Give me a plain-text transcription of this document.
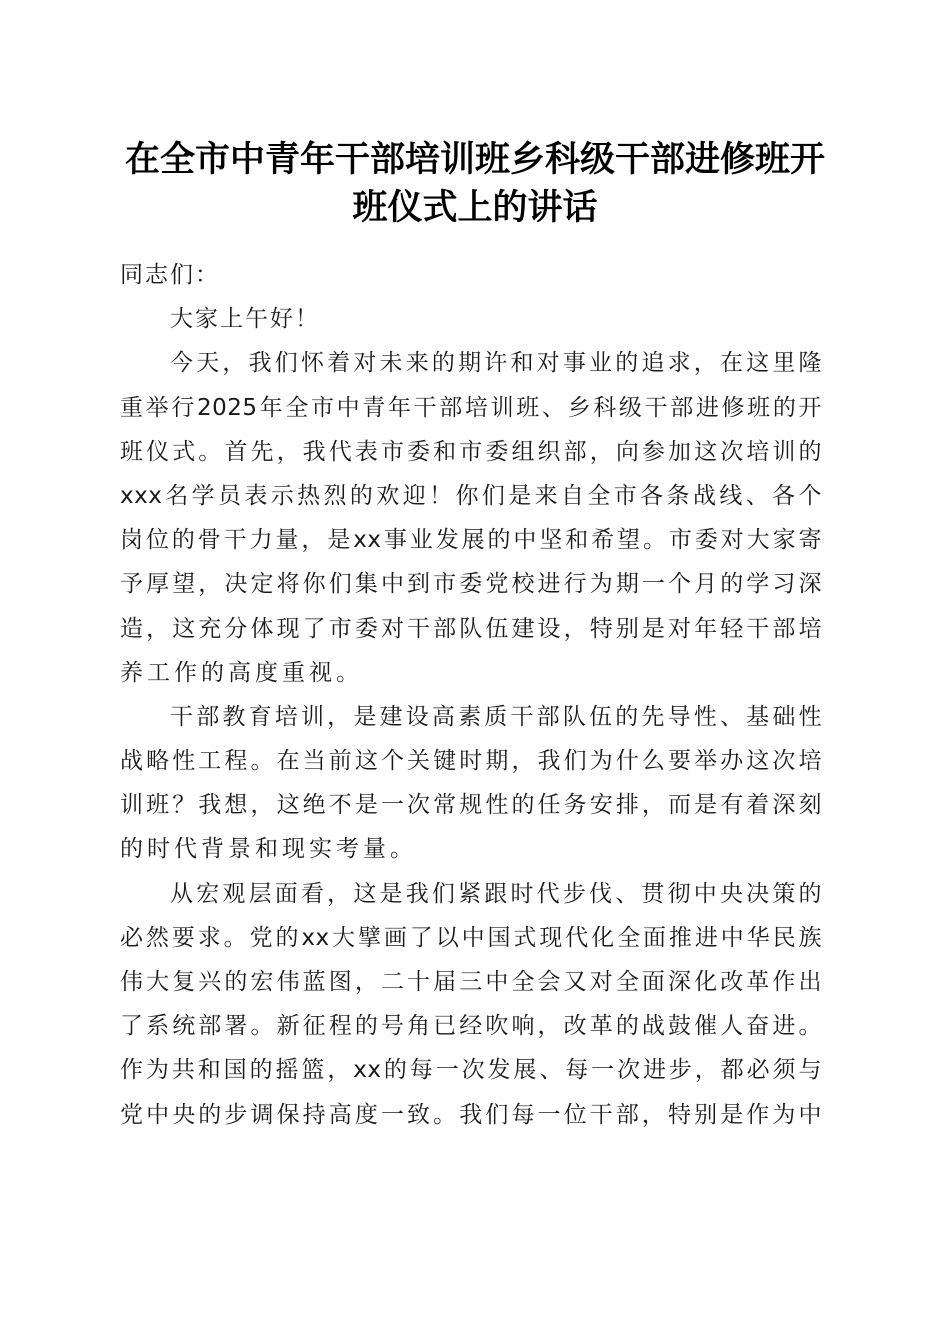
在全市中青年干部培训班乡科级干部进修班开
班仪式上的讲话
同志们：
大家上午好！
今天，我们怀着对未来的期许和对事业的追求，在这里隆
重举行2025年全市中青年干部培训班、乡科级干部进修班的开
班仪式。首先，我代表市委和市委组织部，向参加这次培训的
xxx名学员表示热烈的欢迎！你们是来自全市各条战线、各个
岗位的骨干力量，是xx事业发展的中坚和希望。市委对大家寄
予厚望，决定将你们集中到市委党校进行为期一个月的学习深
造，这充分体现了市委对干部队伍建设，特别是对年轻干部培
养工作的高度重视。
干部教育培训，是建设高素质干部队伍的先导性、基础性
战略性工程。在当前这个关键时期，我们为什么要举办这次培
训班？我想，这绝不是一次常规性的任务安排，而是有着深刻
的时代背景和现实考量。
从宏观层面看，这是我们紧跟时代步伐、贯彻中央决策的
必然要求。党的xx大擘画了以中国式现代化全面推进中华民族
伟大复兴的宏伟蓝图，二十届三中全会又对全面深化改革作出
了系统部署。新征程的号角已经吹响，改革的战鼓催人奋进。
作为共和国的摇篮，xx的每一次发展、每一次进步，都必须与
党中央的步调保持高度一致。我们每一位干部，特别是作为中
